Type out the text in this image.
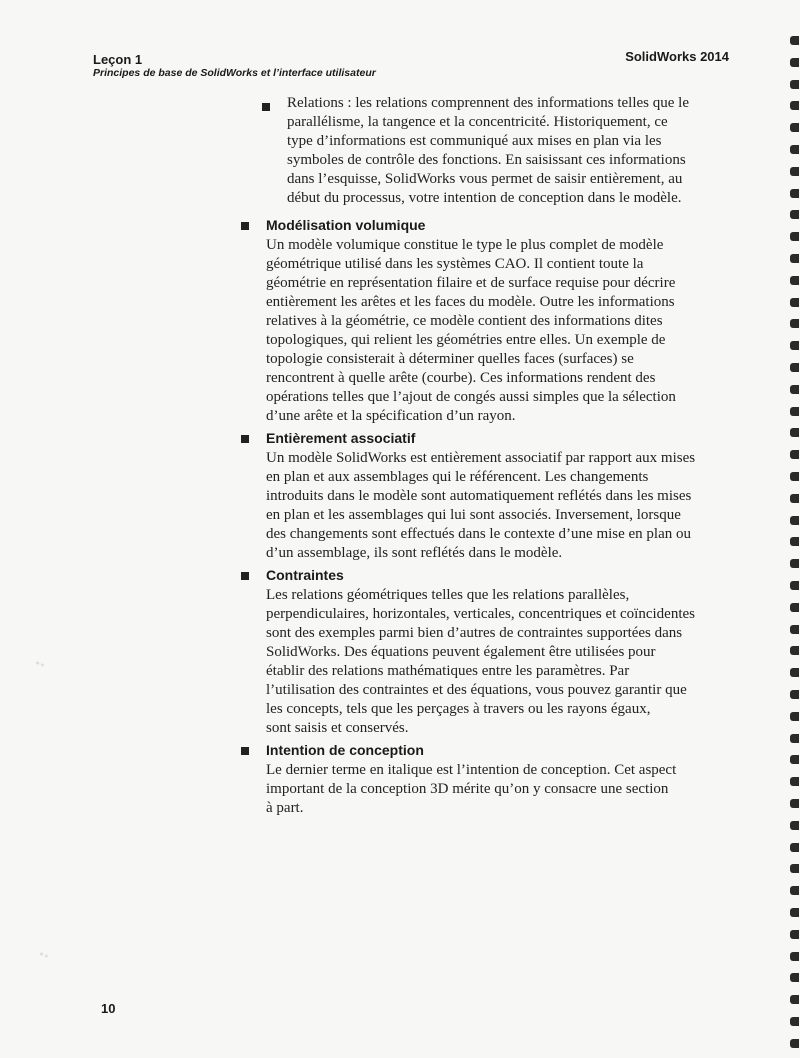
Leçon 1
Principes de base de SolidWorks et l’interface utilisateur
SolidWorks 2014

Relations : les relations comprennent des informations telles que le
parallélisme, la tangence et la concentricité. Historiquement, ce
type d’informations est communiqué aux mises en plan via les
symboles de contrôle des fonctions. En saisissant ces informations
dans l’esquisse, SolidWorks vous permet de saisir entièrement, au
début du processus, votre intention de conception dans le modèle.

Modélisation volumique

Un modèle volumique constitue le type le plus complet de modèle
géométrique utilisé dans les systèmes CAO. Il contient toute la
géométrie en représentation filaire et de surface requise pour décrire
entièrement les arêtes et les faces du modèle. Outre les informations
relatives à la géométrie, ce modèle contient des informations dites
topologiques, qui relient les géométries entre elles. Un exemple de
topologie consisterait à déterminer quelles faces (surfaces) se
rencontrent à quelle arête (courbe). Ces informations rendent des
opérations telles que l’ajout de congés aussi simples que la sélection
d’une arête et la spécification d’un rayon.

Entièrement associatif

Un modèle SolidWorks est entièrement associatif par rapport aux mises
en plan et aux assemblages qui le référencent. Les changements
introduits dans le modèle sont automatiquement reflétés dans les mises
en plan et les assemblages qui lui sont associés. Inversement, lorsque
des changements sont effectués dans le contexte d’une mise en plan ou
d’un assemblage, ils sont reflétés dans le modèle.

Contraintes

Les relations géométriques telles que les relations parallèles,
perpendiculaires, horizontales, verticales, concentriques et coïncidentes
sont des exemples parmi bien d’autres de contraintes supportées dans
SolidWorks. Des équations peuvent également être utilisées pour
établir des relations mathématiques entre les paramètres. Par
l’utilisation des contraintes et des équations, vous pouvez garantir que
les concepts, tels que les perçages à travers ou les rayons égaux,
sont saisis et conservés.

Intention de conception

Le dernier terme en italique est l’intention de conception. Cet aspect
important de la conception 3D mérite qu’on y consacre une section
à part.

10
